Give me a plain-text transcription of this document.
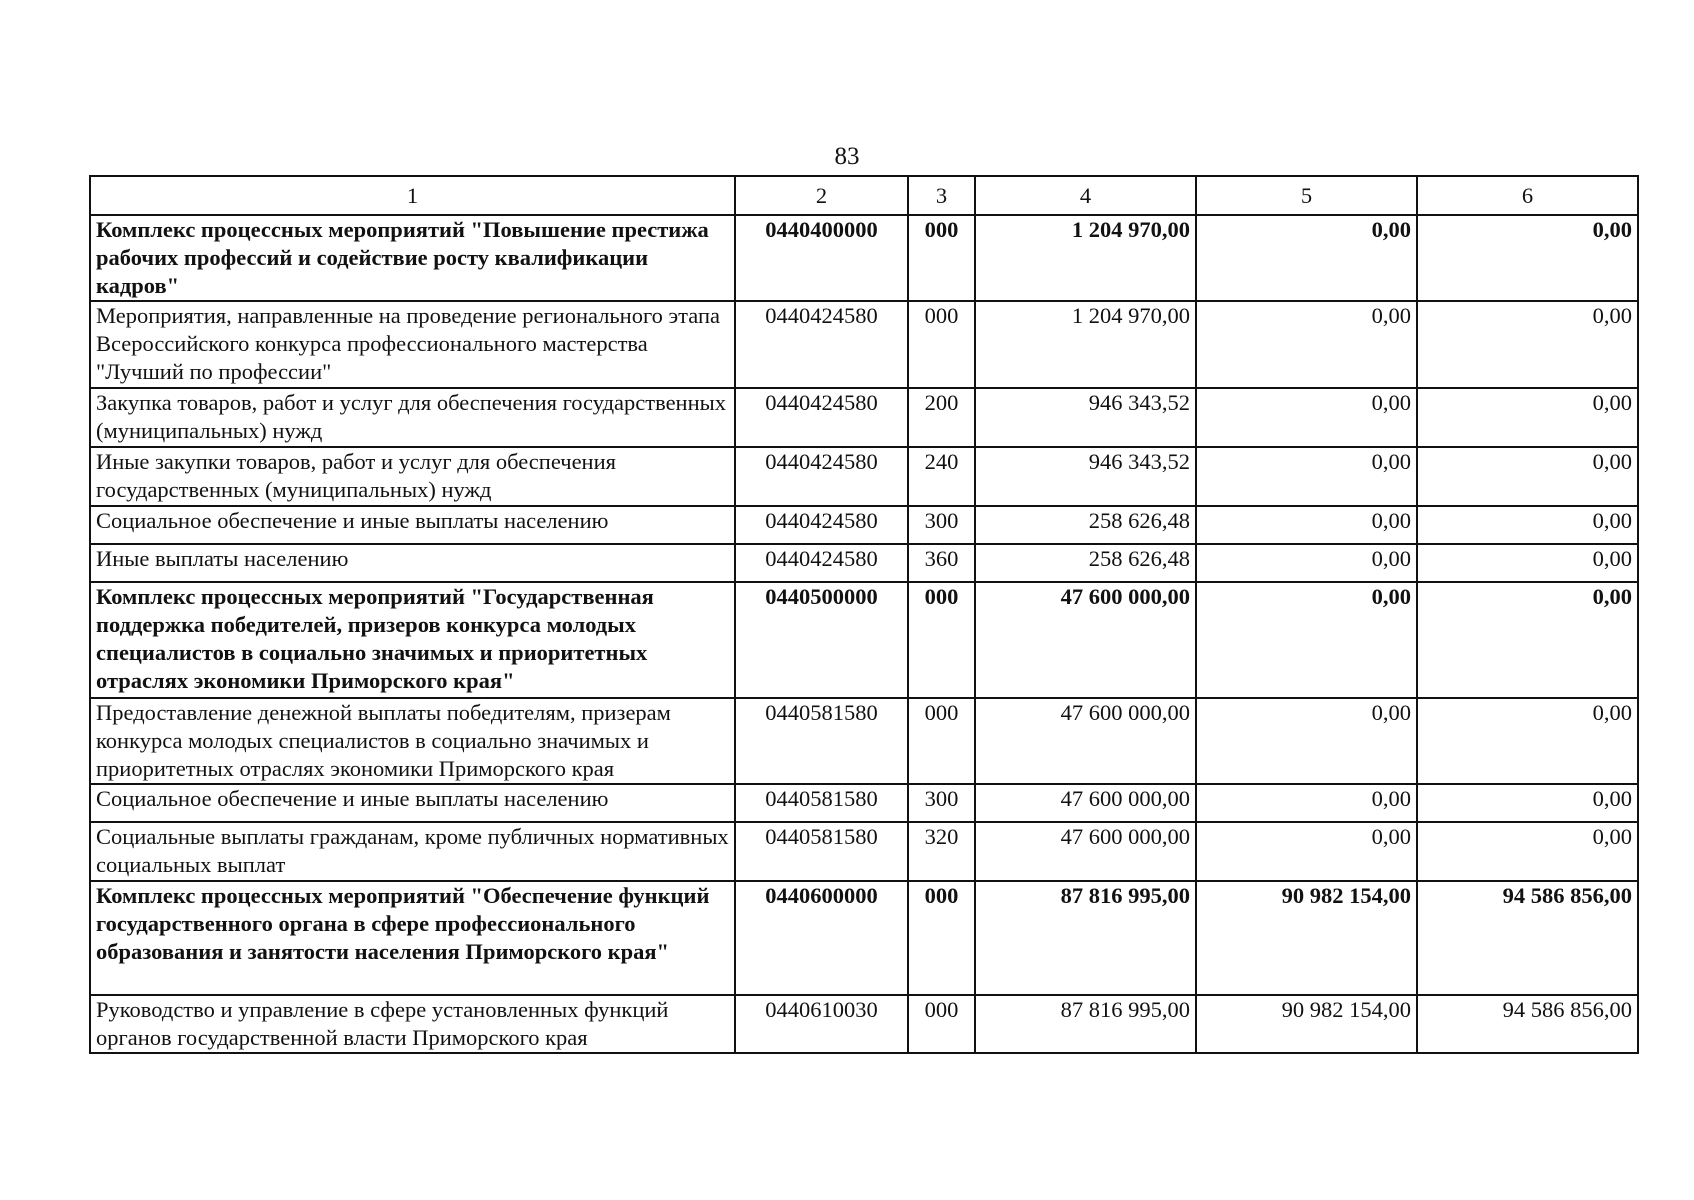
83
1	2	3	4	5	6
Комплекс процессных мероприятий "Повышение престижа рабочих профессий и содействие росту квалификации кадров"	0440400000	000	1 204 970,00	0,00	0,00
Мероприятия, направленные на проведение регионального этапа Всероссийского конкурса профессионального мастерства "Лучший по профессии"	0440424580	000	1 204 970,00	0,00	0,00
Закупка товаров, работ и услуг для обеспечения государственных (муниципальных) нужд	0440424580	200	946 343,52	0,00	0,00
Иные закупки товаров, работ и услуг для обеспечения государственных (муниципальных) нужд	0440424580	240	946 343,52	0,00	0,00
Социальное обеспечение и иные выплаты населению	0440424580	300	258 626,48	0,00	0,00
Иные выплаты населению	0440424580	360	258 626,48	0,00	0,00
Комплекс процессных мероприятий "Государственная поддержка победителей, призеров конкурса молодых специалистов в социально значимых и приоритетных отраслях экономики Приморского края"	0440500000	000	47 600 000,00	0,00	0,00
Предоставление денежной выплаты победителям, призерам конкурса молодых специалистов в социально значимых и приоритетных отраслях экономики Приморского края	0440581580	000	47 600 000,00	0,00	0,00
Социальное обеспечение и иные выплаты населению	0440581580	300	47 600 000,00	0,00	0,00
Социальные выплаты гражданам, кроме публичных нормативных социальных выплат	0440581580	320	47 600 000,00	0,00	0,00
Комплекс процессных мероприятий "Обеспечение функций государственного органа в сфере профессионального образования и занятости населения Приморского края"	0440600000	000	87 816 995,00	90 982 154,00	94 586 856,00
Руководство и управление в сфере установленных функций органов государственной власти Приморского края	0440610030	000	87 816 995,00	90 982 154,00	94 586 856,00
